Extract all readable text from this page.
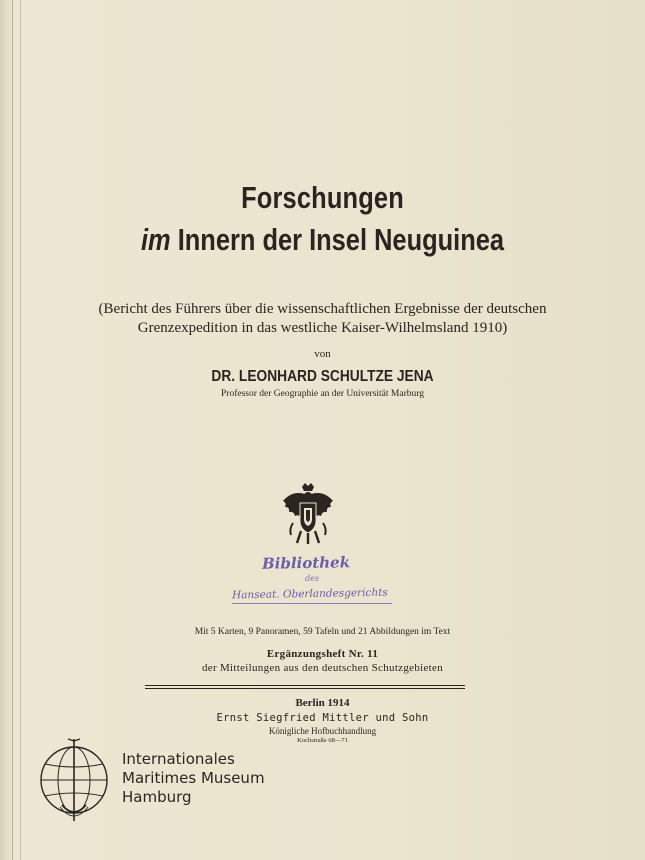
Forschungen
im Innern der Insel Neuguinea
(Bericht des Führers über die wissenschaftlichen Ergebnisse der deutschen
Grenzexpedition in das westliche Kaiser-Wilhelmsland 1910)
von
DR. LEONHARD SCHULTZE JENA
Professor der Geographie an der Universität Marburg
Bibliothek
des
Hanseat. Oberlandesgerichts
Mit 5 Karten, 9 Panoramen, 59 Tafeln und 21 Abbildungen im Text
Ergänzungsheft Nr. 11
der Mitteilungen aus den deutschen Schutzgebieten
Berlin 1914
Ernst Siegfried Mittler und Sohn
Königliche Hofbuchhandlung
Kochstraße 68—71
Internationales
Maritimes Museum
Hamburg
